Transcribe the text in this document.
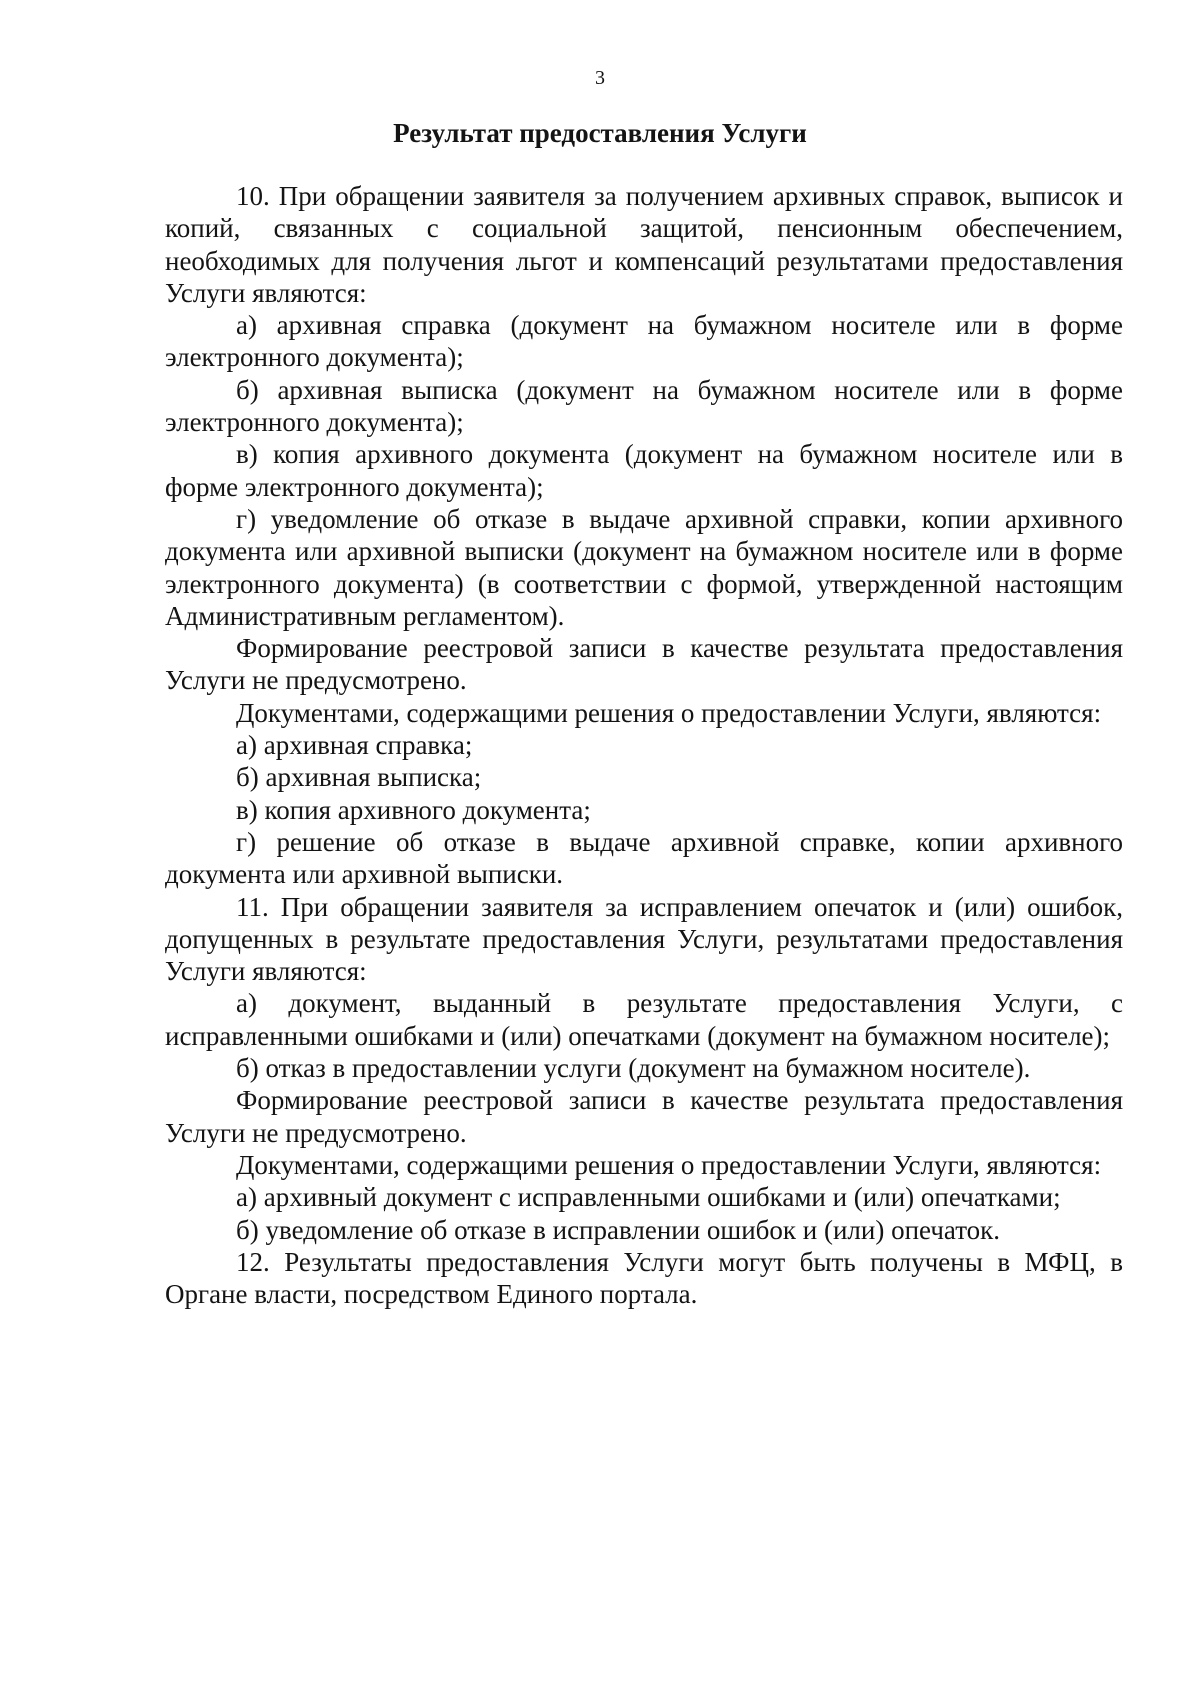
3
Результат предоставления Услуги

10. При обращении заявителя за получением архивных справок, выписок и копий, связанных с социальной защитой, пенсионным обеспечением, необходимых для получения льгот и компенсаций результатами предоставления Услуги являются:

а) архивная справка (документ на бумажном носителе или в форме электронного документа);

б) архивная выписка (документ на бумажном носителе или в форме электронного документа);

в) копия архивного документа (документ на бумажном носителе или в форме электронного документа);

г) уведомление об отказе в выдаче архивной справки, копии архивного документа или архивной выписки (документ на бумажном носителе или в форме электронного документа) (в соответствии с формой, утвержденной настоящим Административным регламентом).

Формирование реестровой записи в качестве результата предоставления Услуги не предусмотрено.

Документами, содержащими решения о предоставлении Услуги, являются:

а) архивная справка;

б) архивная выписка;

в) копия архивного документа;

г) решение об отказе в выдаче архивной справке, копии архивного документа или архивной выписки.

11. При обращении заявителя за исправлением опечаток и (или) ошибок, допущенных в результате предоставления Услуги, результатами предоставления Услуги являются:

а) документ, выданный в результате предоставления Услуги, с исправленными ошибками и (или) опечатками (документ на бумажном носителе);

б) отказ в предоставлении услуги (документ на бумажном носителе).

Формирование реестровой записи в качестве результата предоставления Услуги не предусмотрено.

Документами, содержащими решения о предоставлении Услуги, являются:

а) архивный документ с исправленными ошибками и (или) опечатками;

б) уведомление об отказе в исправлении ошибок и (или) опечаток.

12. Результаты предоставления Услуги могут быть получены в МФЦ, в Органе власти, посредством Единого портала.
